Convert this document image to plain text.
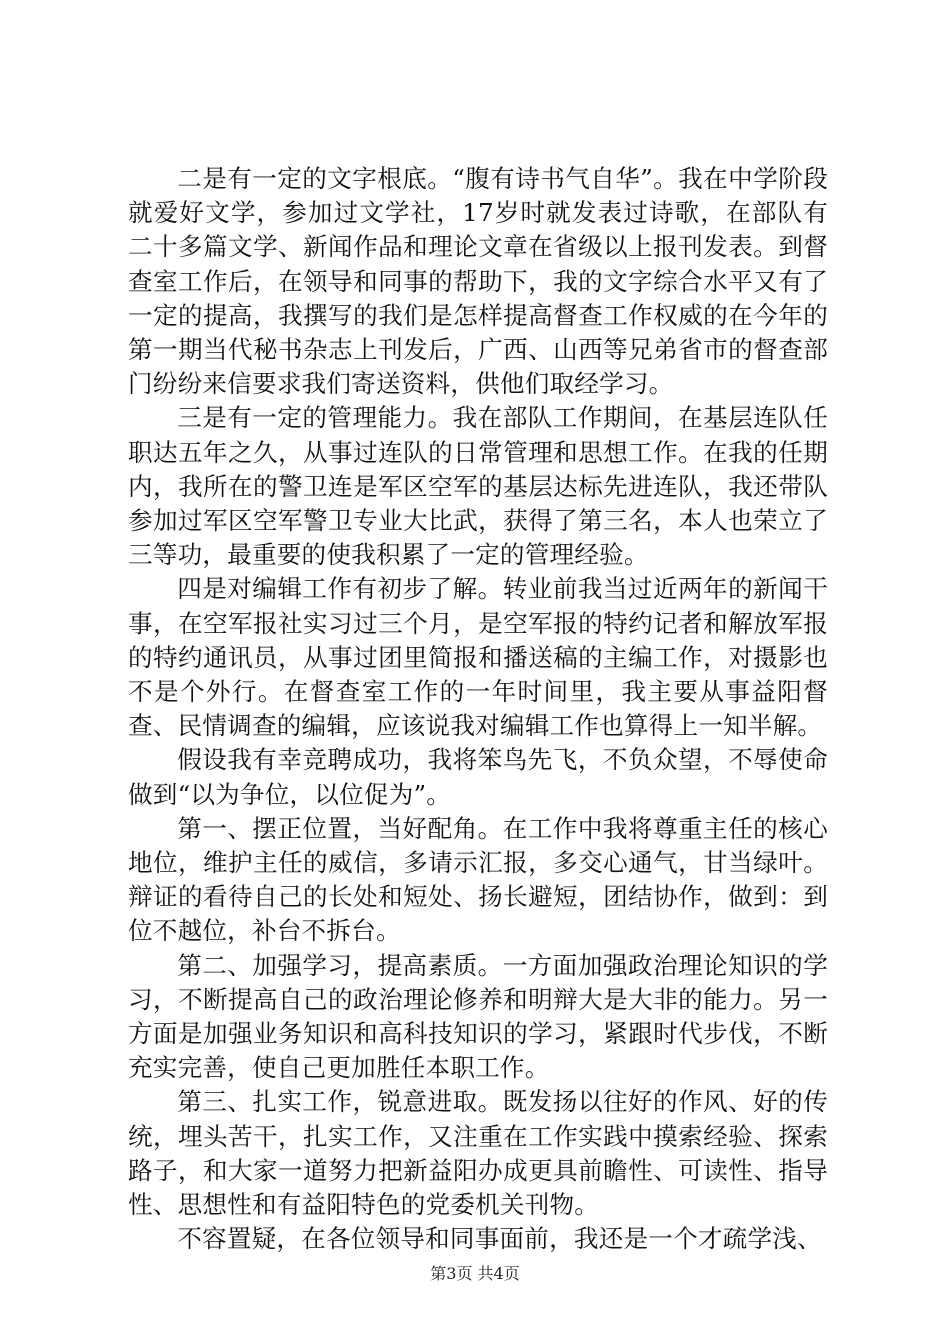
二是有一定的文字根底。“腹有诗书气自华”。我在中学阶段就爱好文学，参加过文学社，17岁时就发表过诗歌，在部队有二十多篇文学、新闻作品和理论文章在省级以上报刊发表。到督查室工作后，在领导和同事的帮助下，我的文字综合水平又有了一定的提高，我撰写的我们是怎样提高督查工作权威的在今年的第一期当代秘书杂志上刊发后，广西、山西等兄弟省市的督查部门纷纷来信要求我们寄送资料，供他们取经学习。

三是有一定的管理能力。我在部队工作期间，在基层连队任职达五年之久，从事过连队的日常管理和思想工作。在我的任期内，我所在的警卫连是军区空军的基层达标先进连队，我还带队参加过军区空军警卫专业大比武，获得了第三名，本人也荣立了三等功，最重要的使我积累了一定的管理经验。

四是对编辑工作有初步了解。转业前我当过近两年的新闻干事，在空军报社实习过三个月，是空军报的特约记者和解放军报的特约通讯员，从事过团里简报和播送稿的主编工作，对摄影也不是个外行。在督查室工作的一年时间里，我主要从事益阳督查、民情调查的编辑，应该说我对编辑工作也算得上一知半解。

假设我有幸竞聘成功，我将笨鸟先飞，不负众望，不辱使命做到“以为争位，以位促为”。

第一、摆正位置，当好配角。在工作中我将尊重主任的核心地位，维护主任的威信，多请示汇报，多交心通气，甘当绿叶。辩证的看待自己的长处和短处、扬长避短，团结协作，做到：到位不越位，补台不拆台。

第二、加强学习，提高素质。一方面加强政治理论知识的学习，不断提高自己的政治理论修养和明辩大是大非的能力。另一方面是加强业务知识和高科技知识的学习，紧跟时代步伐，不断充实完善，使自己更加胜任本职工作。

第三、扎实工作，锐意进取。既发扬以往好的作风、好的传统，埋头苦干，扎实工作，又注重在工作实践中摸索经验、探索路子，和大家一道努力把新益阳办成更具前瞻性、可读性、指导性、思想性和有益阳特色的党委机关刊物。

不容置疑，在各位领导和同事面前，我还是一个才疏学浅、

第3页 共4页
